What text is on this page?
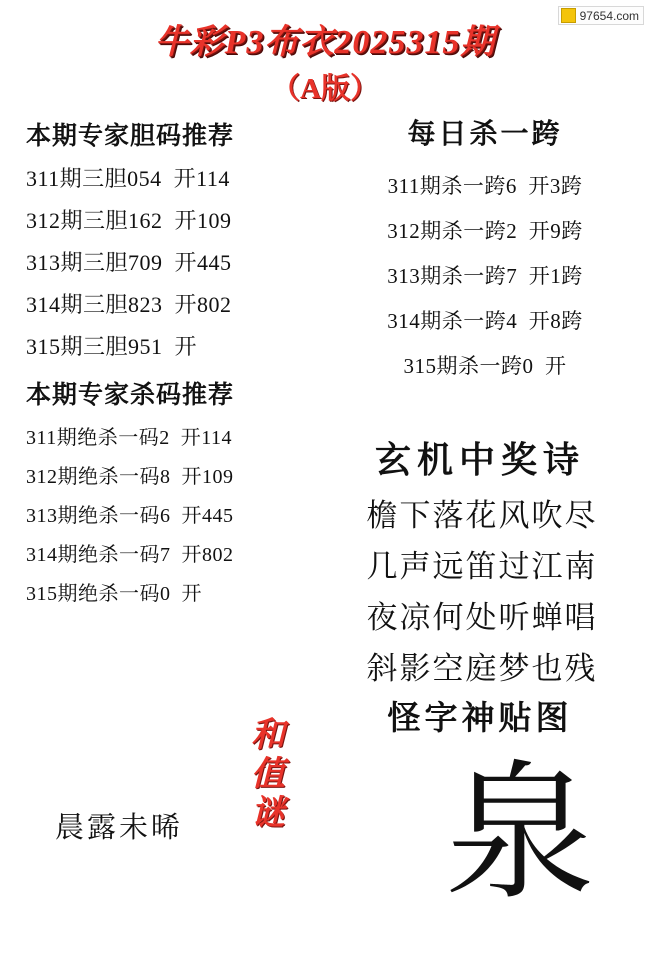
97654.com
牛彩P3布衣2025315期
（A版）
本期专家胆码推荐
311期三胆054  开114
312期三胆162  开109
313期三胆709  开445
314期三胆823  开802
315期三胆951  开
本期专家杀码推荐
311期绝杀一码2  开114
312期绝杀一码8  开109
313期绝杀一码6  开445
314期绝杀一码7  开802
315期绝杀一码0  开
每日杀一跨
311期杀一跨6  开3跨
312期杀一跨2  开9跨
313期杀一跨7  开1跨
314期杀一跨4  开8跨
315期杀一跨0  开
玄机中奖诗
檐下落花风吹尽
几声远笛过江南
夜凉何处听蝉唱
斜影空庭梦也残
怪字神贴图
泉
和
值
谜
晨露未晞
